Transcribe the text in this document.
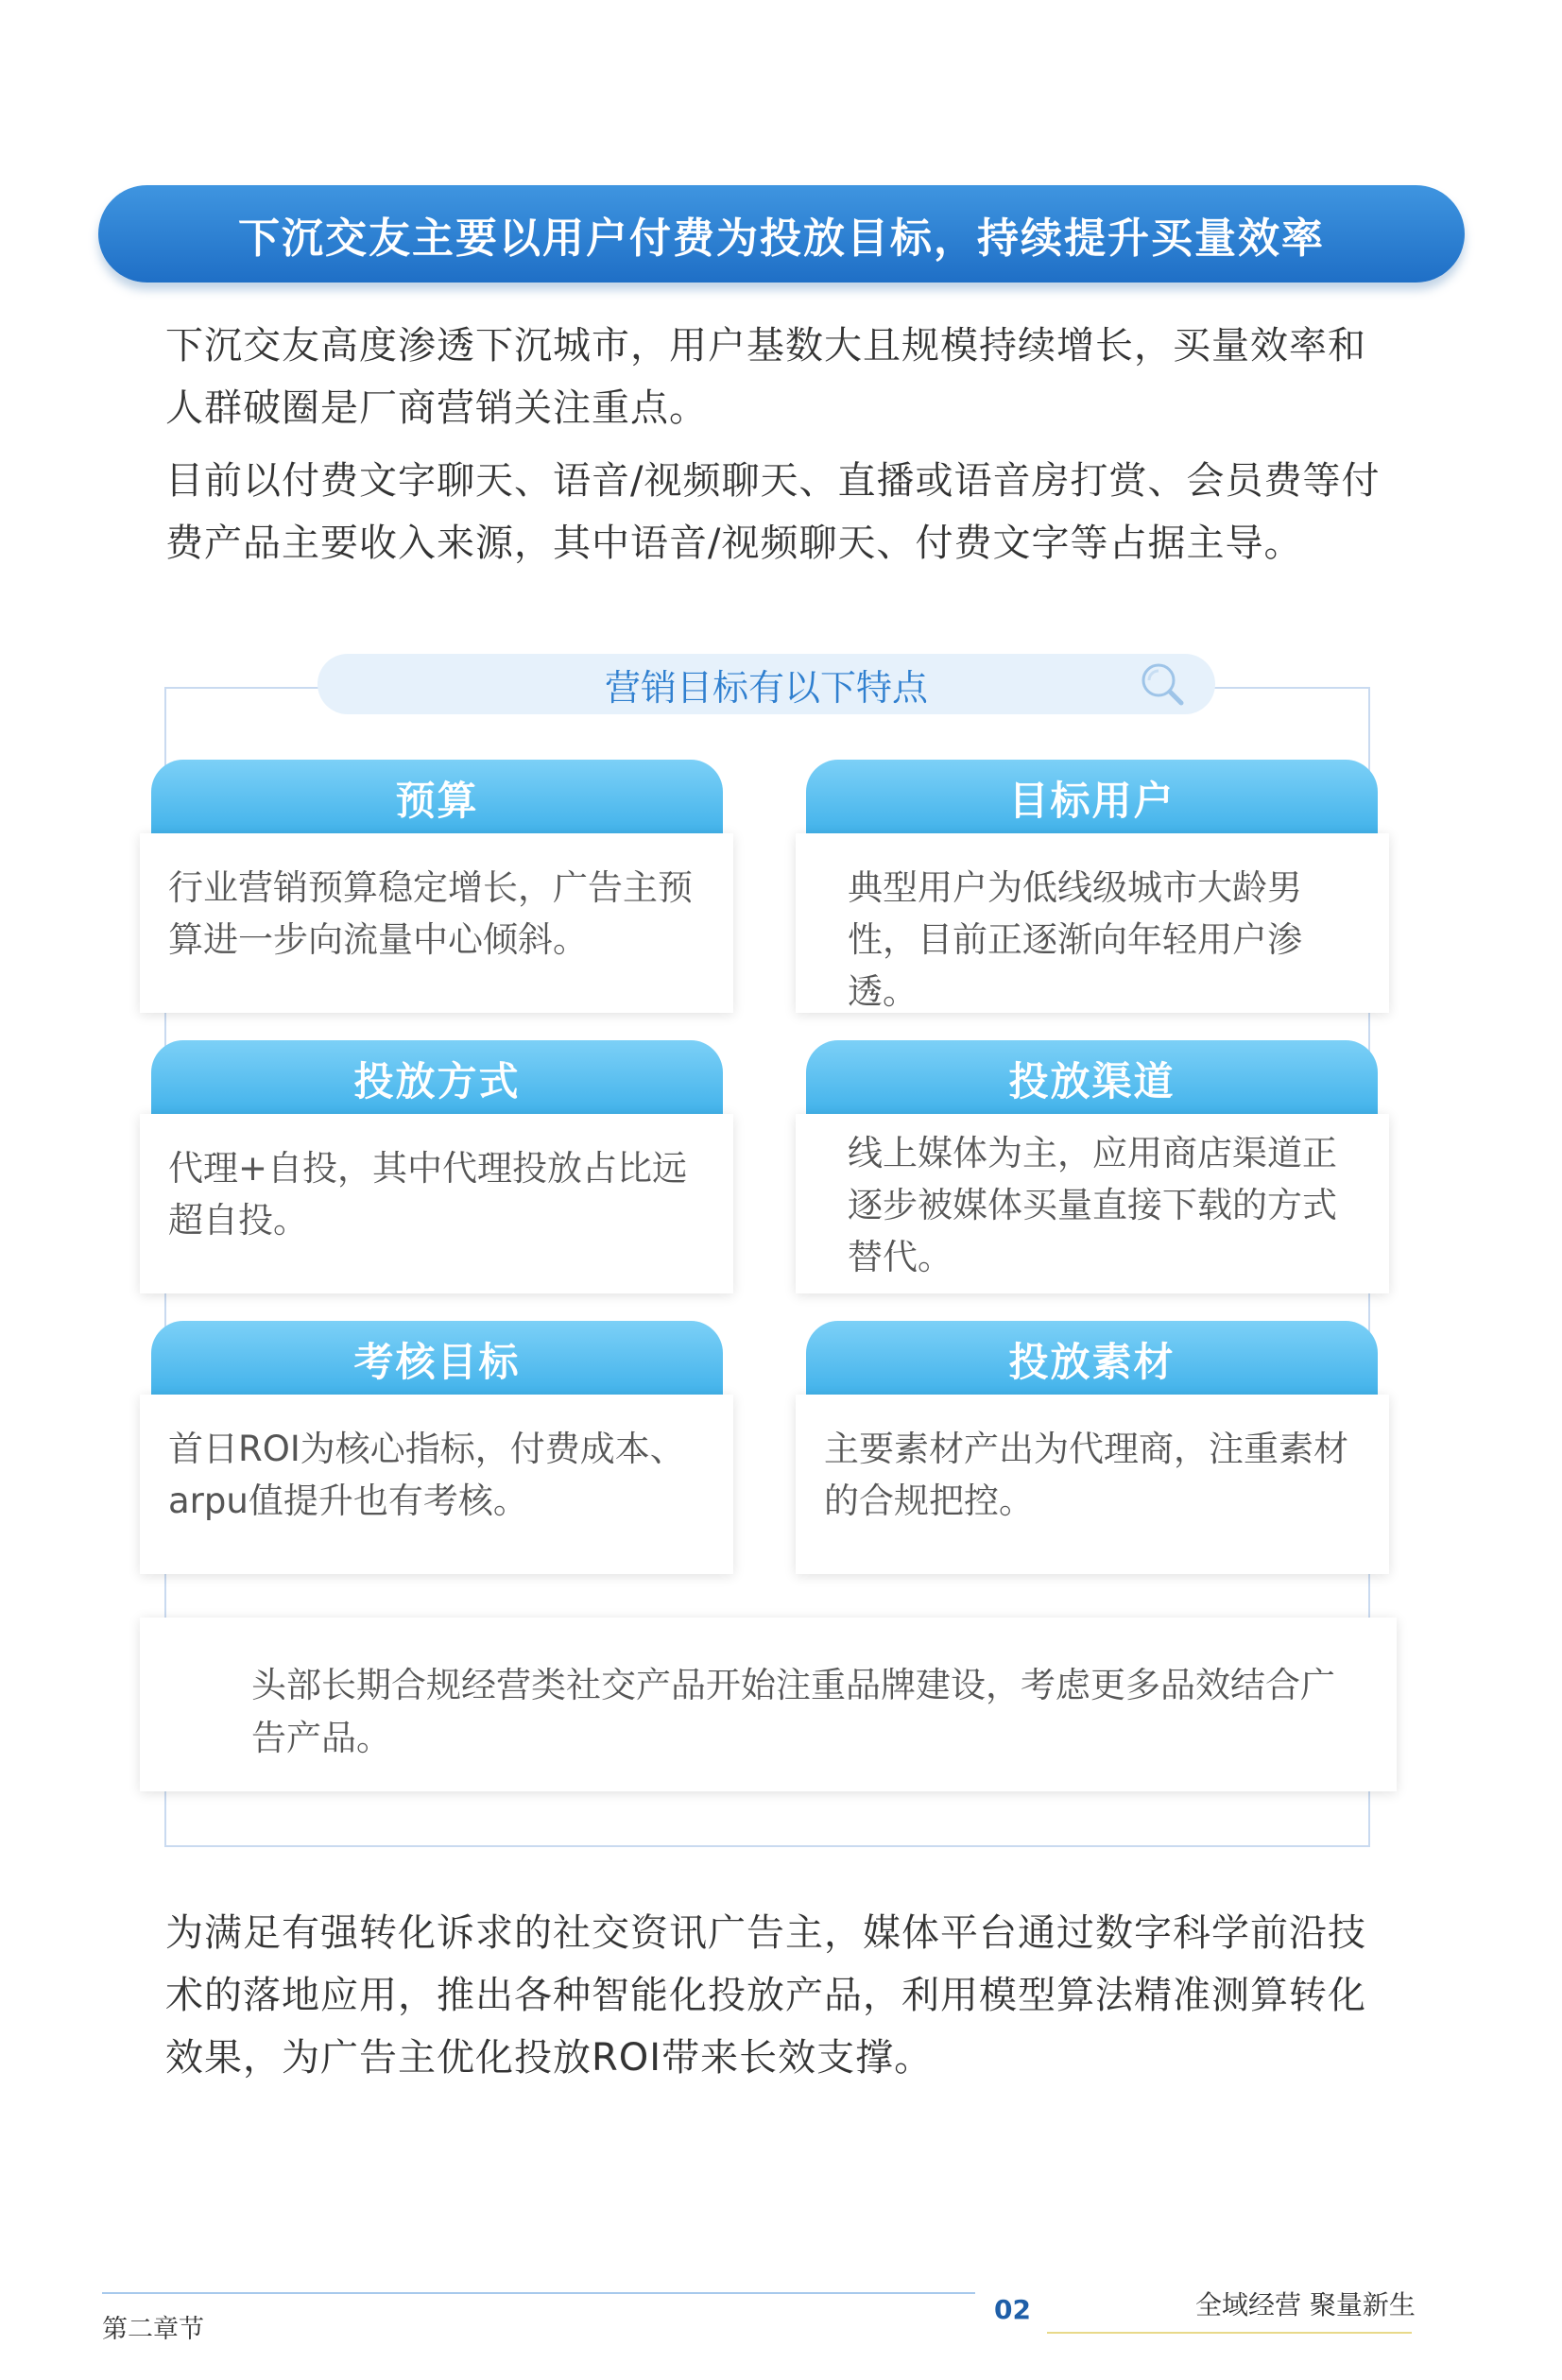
下沉交友主要以用户付费为投放目标，持续提升买量效率

下沉交友高度渗透下沉城市，用户基数大且规模持续增长，买量效率和人群破圈是厂商营销关注重点。

目前以付费文字聊天、语音/视频聊天、直播或语音房打赏、会员费等付费产品主要收入来源，其中语音/视频聊天、付费文字等占据主导。

营销目标有以下特点
预算
行业营销预算稳定增长，广告主预算进一步向流量中心倾斜。
目标用户
典型用户为低线级城市大龄男性，目前正逐渐向年轻用户渗透。
投放方式
代理+自投，其中代理投放占比远超自投。
投放渠道
线上媒体为主，应用商店渠道正逐步被媒体买量直接下载的方式替代。
考核目标
首日ROI为核心指标，付费成本、arpu值提升也有考核。
投放素材
主要素材产出为代理商，注重素材的合规把控。
头部长期合规经营类社交产品开始注重品牌建设，考虑更多品效结合广告产品。

为满足有强转化诉求的社交资讯广告主，媒体平台通过数字科学前沿技术的落地应用，推出各种智能化投放产品，利用模型算法精准测算转化效果，为广告主优化投放ROI带来长效支撑。

第二章节
02	全域经营 聚量新生
